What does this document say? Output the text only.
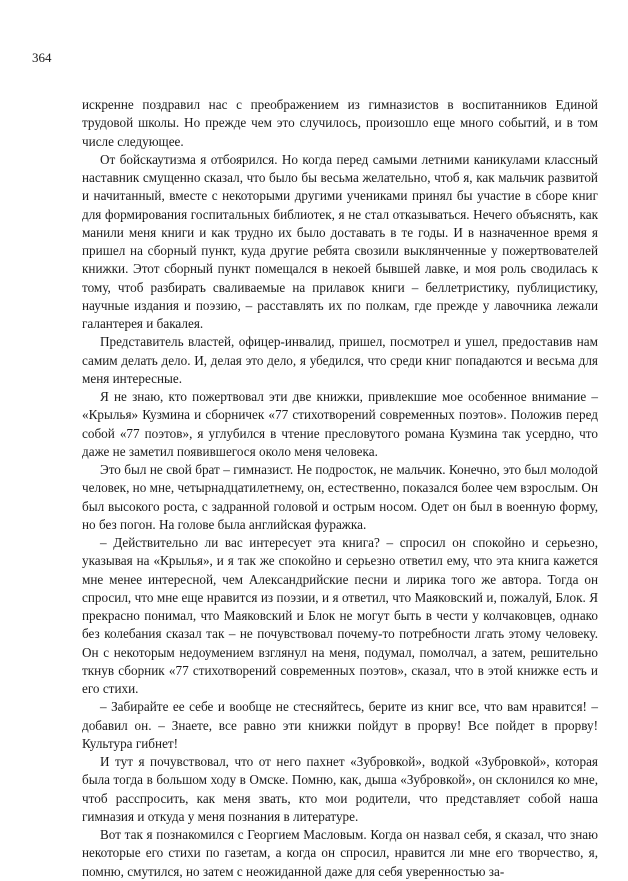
364

искренне поздравил нас с преображением из гимназистов в воспитанников Единой трудовой школы. Но прежде чем это случилось, произошло еще много событий, и в том числе следующее.

От бойскаутизма я отбоярился. Но когда перед самыми летними каникулами классный наставник смущенно сказал, что было бы весьма желательно, чтоб я, как мальчик развитой и начитанный, вместе с некоторыми другими учениками принял бы участие в сборе книг для формирования госпитальных библиотек, я не стал отказываться. Нечего объяснять, как манили меня книги и как трудно их было доставать в те годы. И в назначенное время я пришел на сборный пункт, куда другие ребята свозили выклянченные у пожертвователей книжки. Этот сборный пункт помещался в некоей бывшей лавке, и моя роль сводилась к тому, чтоб разбирать сваливаемые на прилавок книги – беллетристику, публицистику, научные издания и поэзию, – расставлять их по полкам, где прежде у лавочника лежали галантерея и бакалея.

Представитель властей, офицер-инвалид, пришел, посмотрел и ушел, предоставив нам самим делать дело. И, делая это дело, я убедился, что среди книг попадаются и весьма для меня интересные.

Я не знаю, кто пожертвовал эти две книжки, привлекшие мое особенное внимание – «Крылья» Кузмина и сборничек «77 стихотворений современных поэтов». Положив перед собой «77 поэтов», я углубился в чтение пресловутого романа Кузмина так усердно, что даже не заметил появившегося около меня человека.

Это был не свой брат – гимназист. Не подросток, не мальчик. Конечно, это был молодой человек, но мне, четырнадцатилетнему, он, естественно, показался более чем взрослым. Он был высокого роста, с задранной головой и острым носом. Одет он был в военную форму, но без погон. На голове была английская фуражка.

– Действительно ли вас интересует эта книга? – спросил он спокойно и серьезно, указывая на «Крылья», и я так же спокойно и серьезно ответил ему, что эта книга кажется мне менее интересной, чем Александрийские песни и лирика того же автора. Тогда он спросил, что мне еще нравится из поэзии, и я ответил, что Маяковский и, пожалуй, Блок. Я прекрасно понимал, что Маяковский и Блок не могут быть в чести у колчаковцев, однако без колебания сказал так – не почувствовал почему-то потребности лгать этому человеку. Он с некоторым недоумением взглянул на меня, подумал, помолчал, а затем, решительно ткнув сборник «77 стихотворений современных поэтов», сказал, что в этой книжке есть и его стихи.

– Забирайте ее себе и вообще не стесняйтесь, берите из книг все, что вам нравится! – добавил он. – Знаете, все равно эти книжки пойдут в прорву! Все пойдет в прорву! Культура гибнет!

И тут я почувствовал, что от него пахнет «Зубровкой», водкой «Зубровкой», которая была тогда в большом ходу в Омске. Помню, как, дыша «Зубровкой», он склонился ко мне, чтоб расспросить, как меня звать, кто мои родители, что представляет собой наша гимназия и откуда у меня познания в литературе.

Вот так я познакомился с Георгием Масловым. Когда он назвал себя, я сказал, что знаю некоторые его стихи по газетам, а когда он спросил, нравится ли мне его творчество, я, помню, смутился, но затем с неожиданной даже для себя уверенностью за-
